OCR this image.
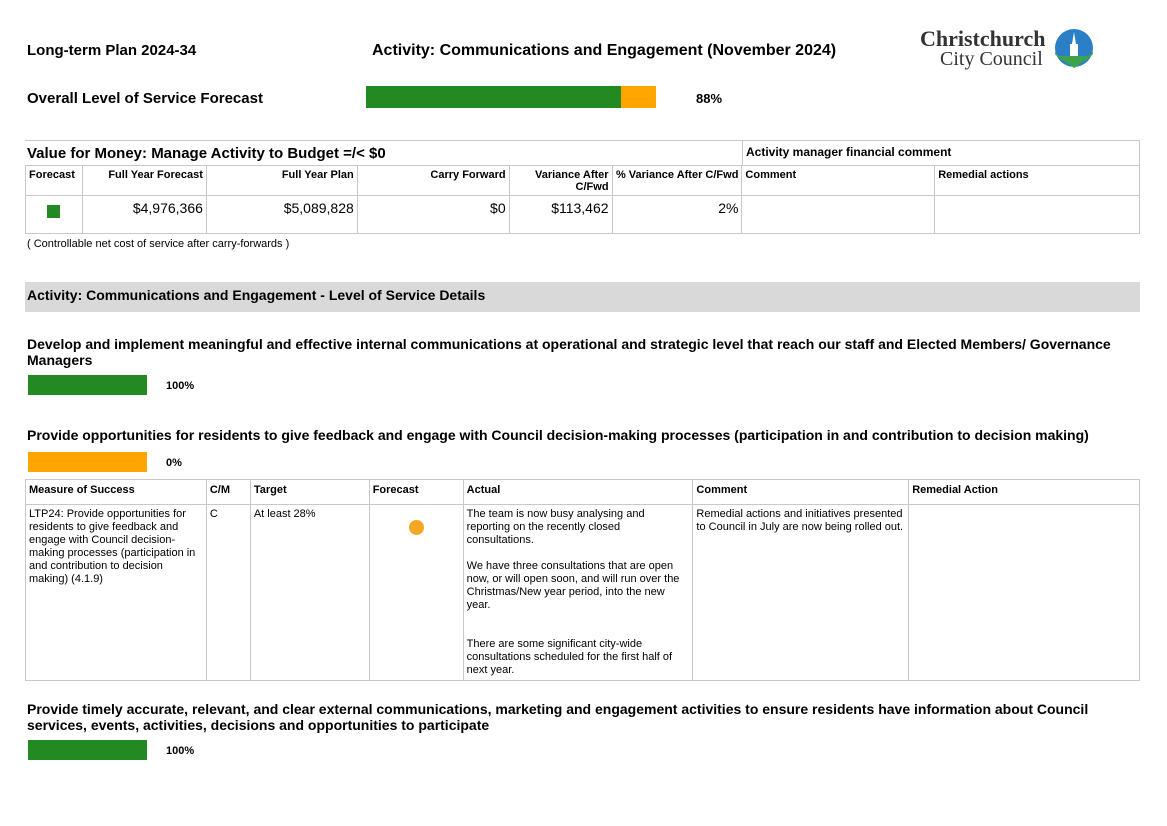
Long-term Plan 2024-34	Activity: Communications and Engagement (November 2024)	Christchurch
City Council
Overall Level of Service Forecast	88%
Value for Money: Manage Activity to Budget =/< $0	Activity manager financial comment
Forecast	Full Year Forecast	Full Year Plan	Carry Forward	Variance After C/Fwd	% Variance After C/Fwd	Comment	Remedial actions
	$4,976,366	$5,089,828	$0	$113,462	2%		
( Controllable net cost of service after carry-forwards )
Activity: Communications and Engagement - Level of Service Details
Develop and implement meaningful and effective internal communications at operational and strategic level that reach our staff and Elected Members/ Governance Managers
100%
Provide opportunities for residents to give feedback and engage with Council decision-making processes (participation in and contribution to decision making)
0%
Measure of Success	C/M	Target	Forecast	Actual	Comment	Remedial Action
LTP24: Provide opportunities for residents to give feedback and engage with Council decision-making processes (participation in and contribution to decision making) (4.1.9)	C	At least 28%		The team is now busy analysing and reporting on the recently closed consultations.
We have three consultations that are open now, or will open soon, and will run over the Christmas/New year period, into the new year.
There are some significant city-wide consultations scheduled for the first half of next year.	Remedial actions and initiatives presented to Council in July are now being rolled out.	
Provide timely accurate, relevant, and clear external communications, marketing and engagement activities to ensure residents have information about Council services, events, activities, decisions and opportunities to participate
100%
